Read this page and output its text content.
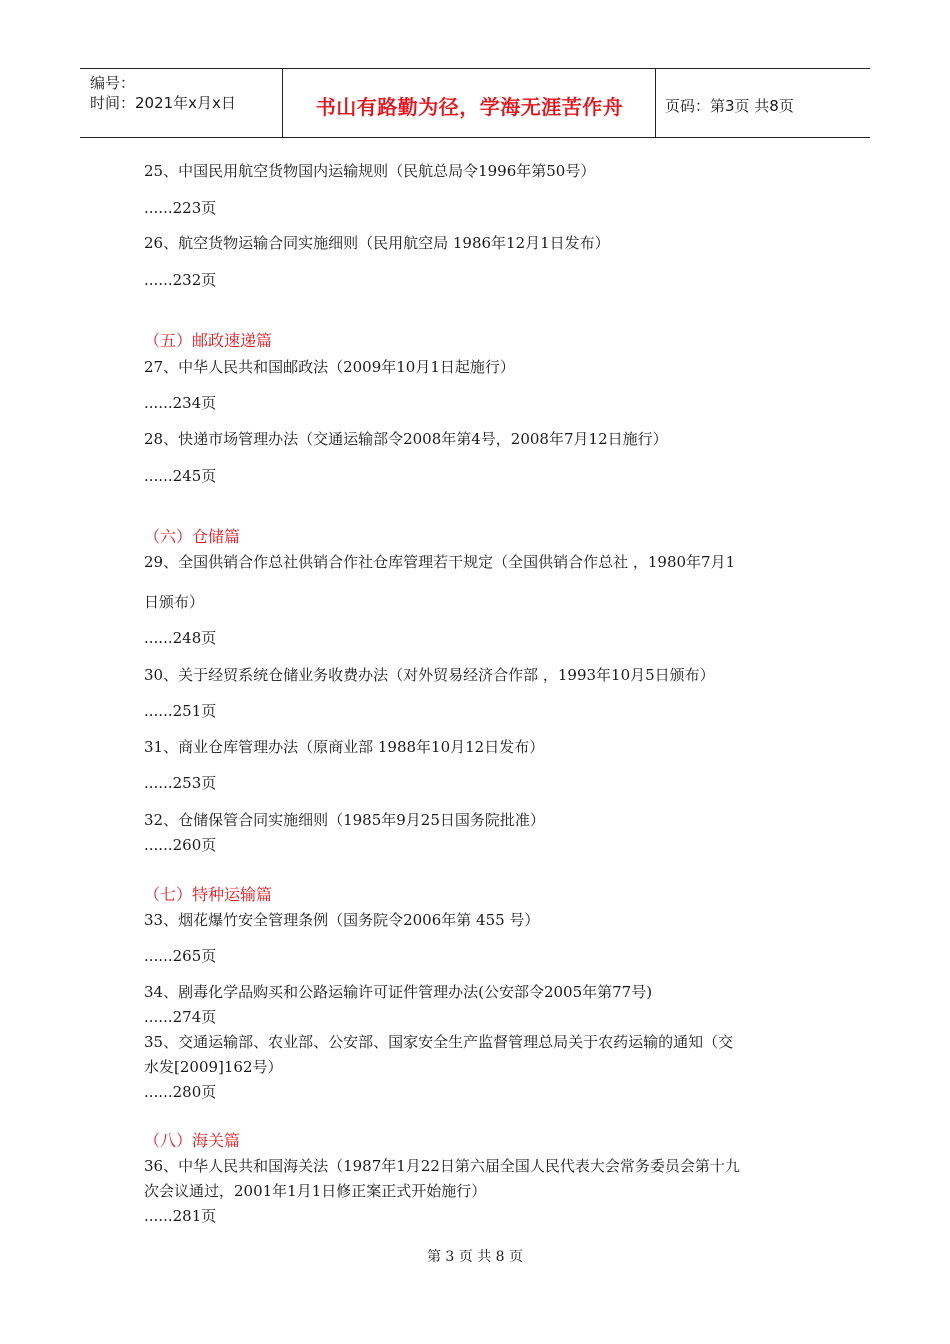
编号：
时间：2021年x月x日	书山有路勤为径，学海无涯苦作舟	页码：第3页 共8页
25、中国民用航空货物国内运输规则（民航总局令1996年第50号）
......223页
26、航空货物运输合同实施细则（民用航空局 1986年12月1日发布）
......232页
（五）邮政速递篇
27、中华人民共和国邮政法（2009年10月1日起施行）
......234页
28、快递市场管理办法（交通运输部令2008年第4号，2008年7月12日施行）
......245页
（六）仓储篇
29、全国供销合作总社供销合作社仓库管理若干规定（全国供销合作总社 ，1980年7月1
日颁布）
......248页
30、关于经贸系统仓储业务收费办法（对外贸易经济合作部 ，1993年10月5日颁布）
......251页
31、商业仓库管理办法（原商业部 1988年10月12日发布）
......253页
32、仓储保管合同实施细则（1985年9月25日国务院批准）
......260页
（七）特种运输篇
33、烟花爆竹安全管理条例（国务院令2006年第 455 号）
......265页
34、剧毒化学品购买和公路运输许可证件管理办法(公安部令2005年第77号)
......274页
35、交通运输部、农业部、公安部、国家安全生产监督管理总局关于农药运输的通知（交
水发[2009]162号）
......280页
（八）海关篇
36、中华人民共和国海关法（1987年1月22日第六届全国人民代表大会常务委员会第十九
次会议通过，2001年1月1日修正案正式开始施行）
......281页
第 3 页 共 8 页
